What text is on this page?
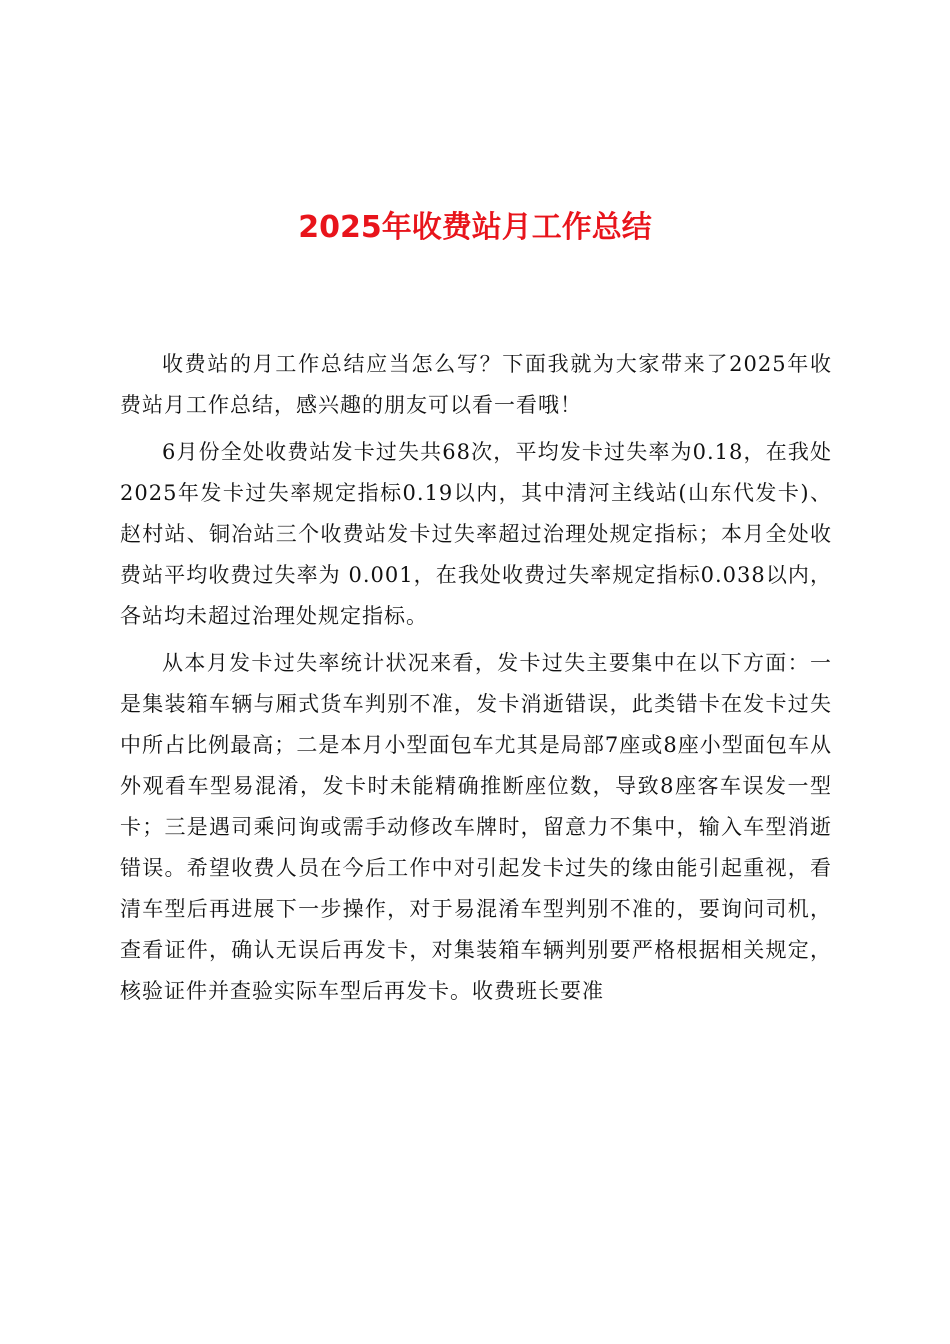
2025年收费站月工作总结

收费站的月工作总结应当怎么写？下面我就为大家带来了2025年收费站月工作总结，感兴趣的朋友可以看一看哦！

6月份全处收费站发卡过失共68次，平均发卡过失率为0.18，在我处2025年发卡过失率规定指标0.19以内，其中清河主线站(山东代发卡)、赵村站、铜冶站三个收费站发卡过失率超过治理处规定指标；本月全处收费站平均收费过失率为 0.001，在我处收费过失率规定指标0.038以内，各站均未超过治理处规定指标。

从本月发卡过失率统计状况来看，发卡过失主要集中在以下方面：一是集装箱车辆与厢式货车判别不准，发卡消逝错误，此类错卡在发卡过失中所占比例最高；二是本月小型面包车尤其是局部7座或8座小型面包车从外观看车型易混淆，发卡时未能精确推断座位数，导致8座客车误发一型卡；三是遇司乘问询或需手动修改车牌时，留意力不集中，输入车型消逝错误。希望收费人员在今后工作中对引起发卡过失的缘由能引起重视，看清车型后再进展下一步操作，对于易混淆车型判别不准的，要询问司机，查看证件，确认无误后再发卡，对集装箱车辆判别要严格根据相关规定，核验证件并查验实际车型后再发卡。收费班长要准
